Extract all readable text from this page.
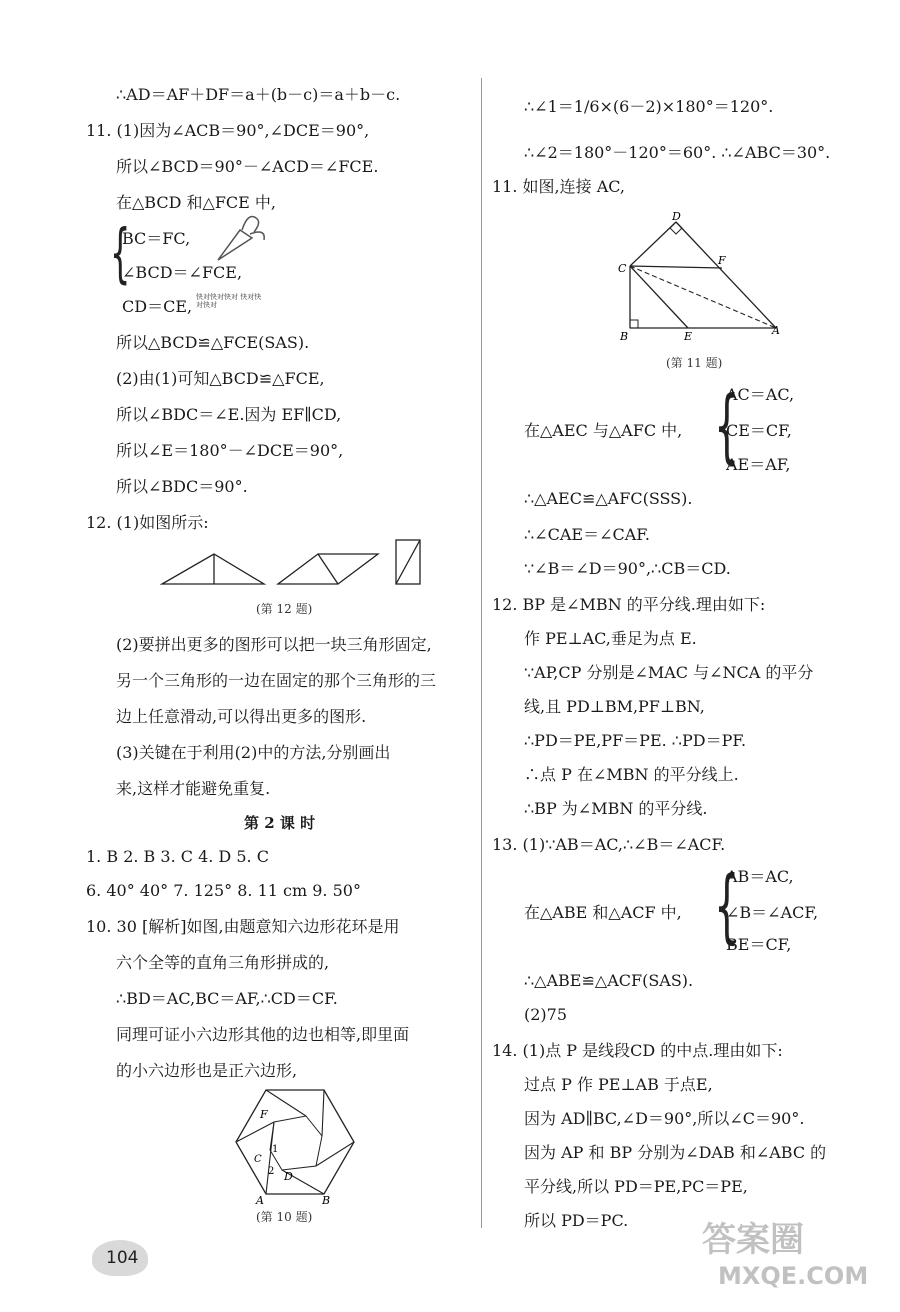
∴AD＝AF＋DF＝a＋(b－c)＝a＋b－c.
11. (1)因为∠ACB＝90°,∠DCE＝90°,
所以∠BCD＝90°－∠ACD＝∠FCE.
在△BCD 和△FCE 中,
{
BC＝FC,
∠BCD＝∠FCE,
CD＝CE, 快对快对快对 快对快对快对
所以△BCD≌△FCE(SAS).
(2)由(1)可知△BCD≌△FCE,
所以∠BDC＝∠E.因为 EF∥CD,
所以∠E＝180°－∠DCE＝90°,
所以∠BDC＝90°.
12. (1)如图所示:
(第 12 题)
(2)要拼出更多的图形可以把一块三角形固定,
另一个三角形的一边在固定的那个三角形的三
边上任意滑动,可以得出更多的图形.
(3)关键在于利用(2)中的方法,分别画出
来,这样才能避免重复.
第 2 课 时
1. B 2. B 3. C 4. D 5. C
6. 40° 40° 7. 125° 8. 11 cm 9. 50°
10. 30 [解析]如图,由题意知六边形花环是用
六个全等的直角三角形拼成的,
∴BD＝AC,BC＝AF,∴CD＝CF.
同理可证小六边形其他的边也相等,即里面
的小六边形也是正六边形,
F
1
C
2 D
A	B
(第 10 题)
∴∠1＝1/6×(6－2)×180°＝120°.
∴∠2＝180°－120°＝60°. ∴∠ABC＝30°.
11. 如图,连接 AC,
D
C
F
B	E	A
(第 11 题)
在△AEC 与△AFC 中, {
AC＝AC,
CE＝CF,
AE＝AF,
∴△AEC≌△AFC(SSS).
∴∠CAE＝∠CAF.
∵∠B＝∠D＝90°,∴CB＝CD.
12. BP 是∠MBN 的平分线.理由如下:
作 PE⊥AC,垂足为点 E.
∵AP,CP 分别是∠MAC 与∠NCA 的平分
线,且 PD⊥BM,PF⊥BN,
∴PD＝PE,PF＝PE. ∴PD＝PF.
∴点 P 在∠MBN 的平分线上.
∴BP 为∠MBN 的平分线.
13. (1)∵AB＝AC,∴∠B＝∠ACF.
在△ABE 和△ACF 中, {
AB＝AC,
∠B＝∠ACF,
BE＝CF,
∴△ABE≌△ACF(SAS).
(2)75
14. (1)点 P 是线段CD 的中点.理由如下:
过点 P 作 PE⊥AB 于点E,
因为 AD∥BC,∠D＝90°,所以∠C＝90°.
因为 AP 和 BP 分别为∠DAB 和∠ABC 的
平分线,所以 PD＝PE,PC＝PE,
所以 PD＝PC.
104	答案圈
MXQE.COM
